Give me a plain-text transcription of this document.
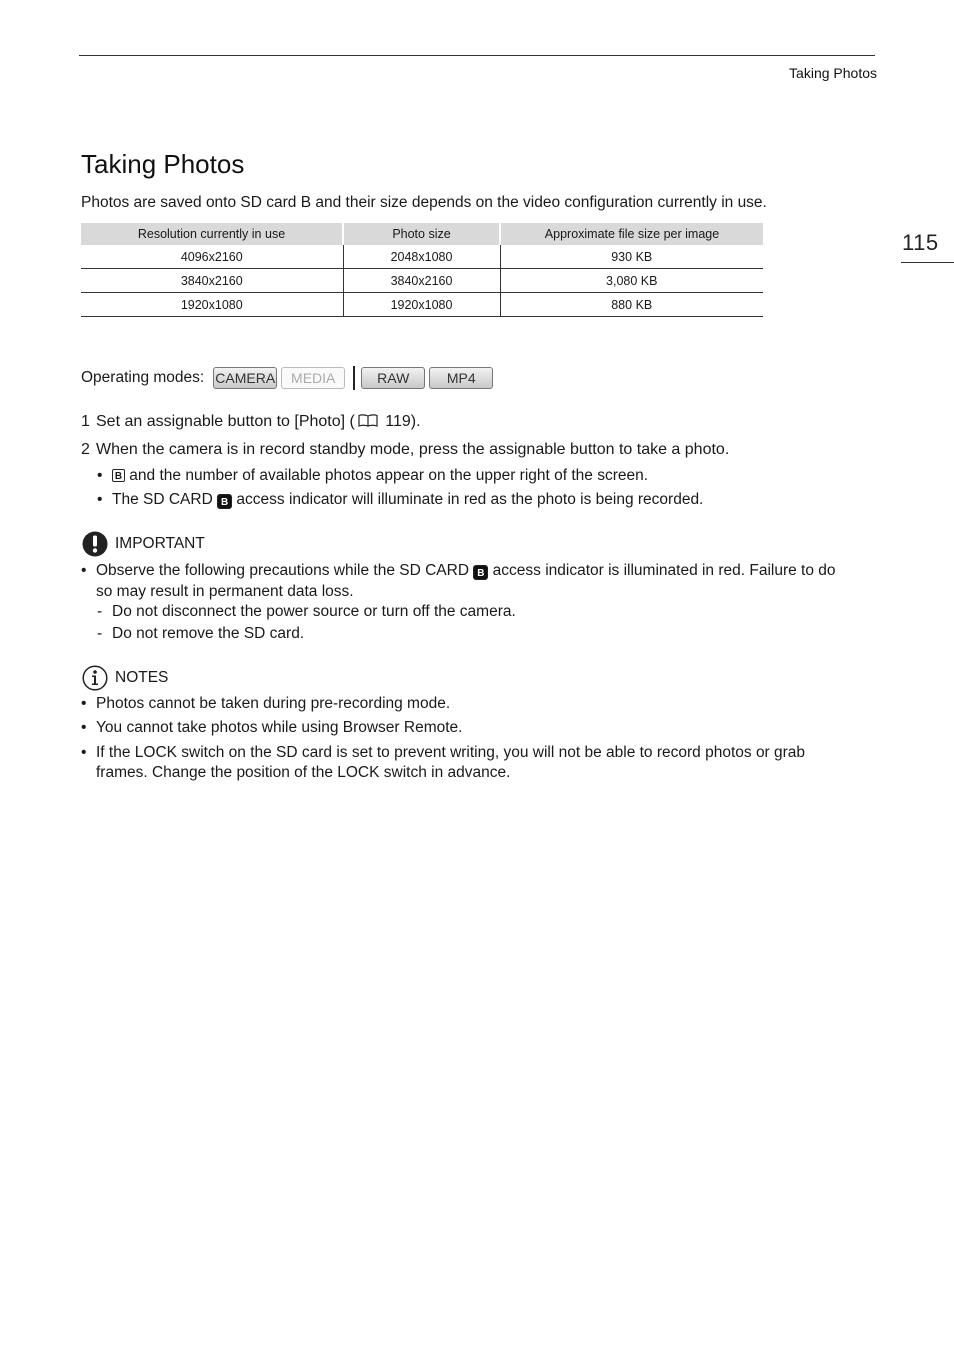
Taking Photos
115
Taking Photos

Photos are saved onto SD card B and their size depends on the video configuration currently in use.

Resolution currently in use	Photo size	Approximate file size per image
4096x2160	2048x1080	930 KB
3840x2160	3840x2160	3,080 KB
1920x1080	1920x1080	880 KB
Operating modes: CAMERA	MEDIA	RAW	MP4

1 Set an assignable button to [Photo] ( 119).

2 When the camera is in record standby mode, press the assignable button to take a photo.

• B and the number of available photos appear on the upper right of the screen.

• The SD CARD B access indicator will illuminate in red as the photo is being recorded.

IMPORTANT

• Observe the following precautions while the SD CARD B access indicator is illuminated in red. Failure to do
so may result in permanent data loss.

- Do not disconnect the power source or turn off the camera.
- Do not remove the SD card.
NOTES

• Photos cannot be taken during pre-recording mode.

• You cannot take photos while using Browser Remote.

• If the LOCK switch on the SD card is set to prevent writing, you will not be able to record photos or grab
frames. Change the position of the LOCK switch in advance.
